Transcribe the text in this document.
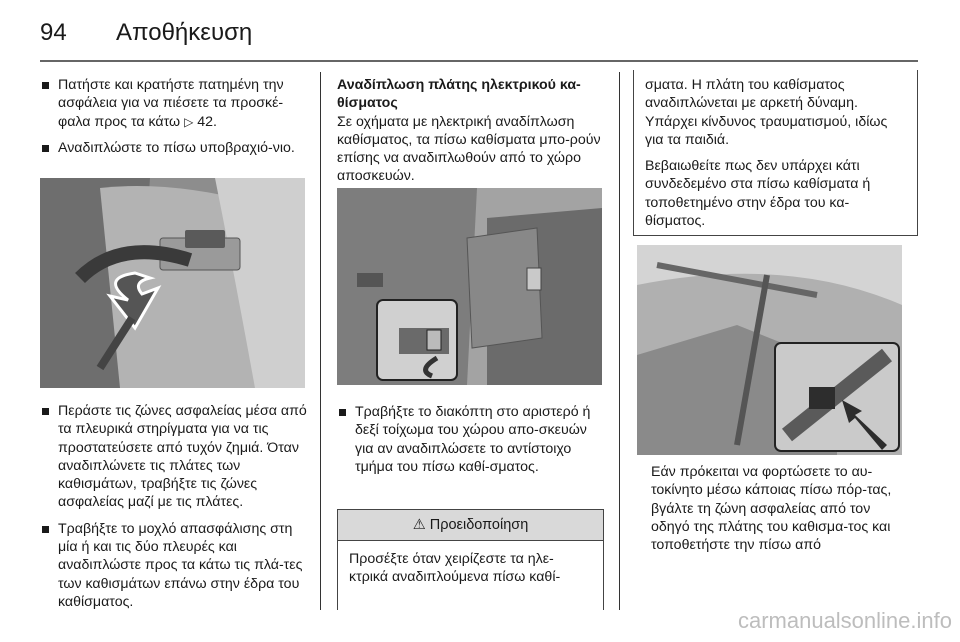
94 Αποθήκευση
Πατήστε και κρατήστε πατημένη την ασφάλεια για να πιέσετε τα προσκέ-φαλα προς τα κάτω ▷ 42.
Αναδιπλώστε το πίσω υποβραχιό-νιο.
Περάστε τις ζώνες ασφαλείας μέσα από τα πλευρικά στηρίγματα για να τις προστατεύσετε από τυχόν ζημιά. Όταν αναδιπλώνετε τις πλάτες των καθισμάτων, τραβήξτε τις ζώνες ασφαλείας μαζί με τις πλάτες.
Τραβήξτε το μοχλό απασφάλισης στη μία ή και τις δύο πλευρές και αναδιπλώστε προς τα κάτω τις πλά-τες των καθισμάτων επάνω στην έδρα του καθίσματος.

Αναδίπλωση πλάτης ηλεκτρικού κα-θίσματος

Σε οχήματα με ηλεκτρική αναδίπλωση καθίσματος, τα πίσω καθίσματα μπο-ρούν επίσης να αναδιπλωθούν από το χώρο αποσκευών.

Τραβήξτε το διακόπτη στο αριστερό ή δεξί τοίχωμα του χώρου απο-σκευών για αν αναδιπλώσετε το αντίστοιχο τμήμα του πίσω καθί-σματος.
⚠ Προειδοποίηση
Προσέξτε όταν χειρίζεστε τα ηλε-κτρικά αναδιπλούμενα πίσω καθί-

σματα. Η πλάτη του καθίσματος αναδιπλώνεται με αρκετή δύναμη. Υπάρχει κίνδυνος τραυματισμού, ιδίως για τα παιδιά.

Βεβαιωθείτε πως δεν υπάρχει κάτι συνδεδεμένο στα πίσω καθίσματα ή τοποθετημένο στην έδρα του κα-θίσματος.

Εάν πρόκειται να φορτώσετε το αυ-τοκίνητο μέσω κάποιας πίσω πόρ-τας, βγάλτε τη ζώνη ασφαλείας από τον οδηγό της πλάτης του καθισμα-τος και τοποθετήστε την πίσω από

carmanualsonline.info
